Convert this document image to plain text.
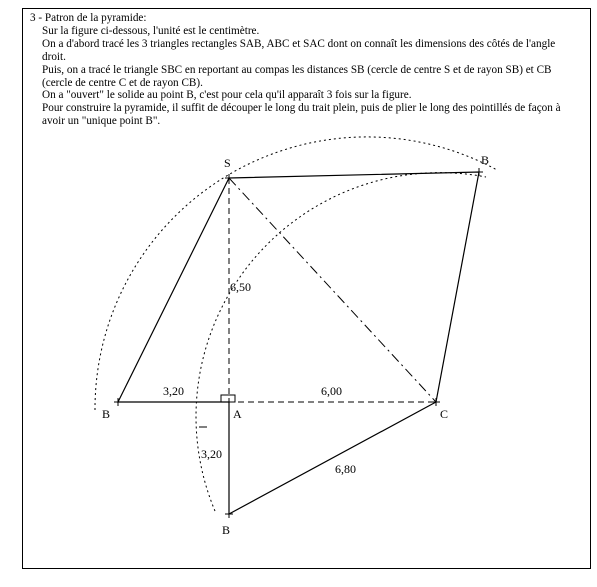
3 - Patron de la pyramide:

Sur la figure ci-dessous, l'unité est le centimètre.

On a d'abord tracé les 3 triangles rectangles SAB, ABC et SAC dont on connaît les dimensions des côtés de l'angle droit.

Puis, on a tracé le triangle SBC en reportant au compas les distances SB (cercle de centre S et de rayon SB) et CB (cercle de centre C et de rayon CB).

On a "ouvert" le solide au point B, c'est pour cela qu'il apparaît 3 fois sur la figure.

Pour construire la pyramide, il suffit de découper le long du trait plein, puis de plier le long des pointillés de façon à avoir un "unique point B".

S	B
B	A	C
B
6,50
3,20	6,00
3,20
6,80
